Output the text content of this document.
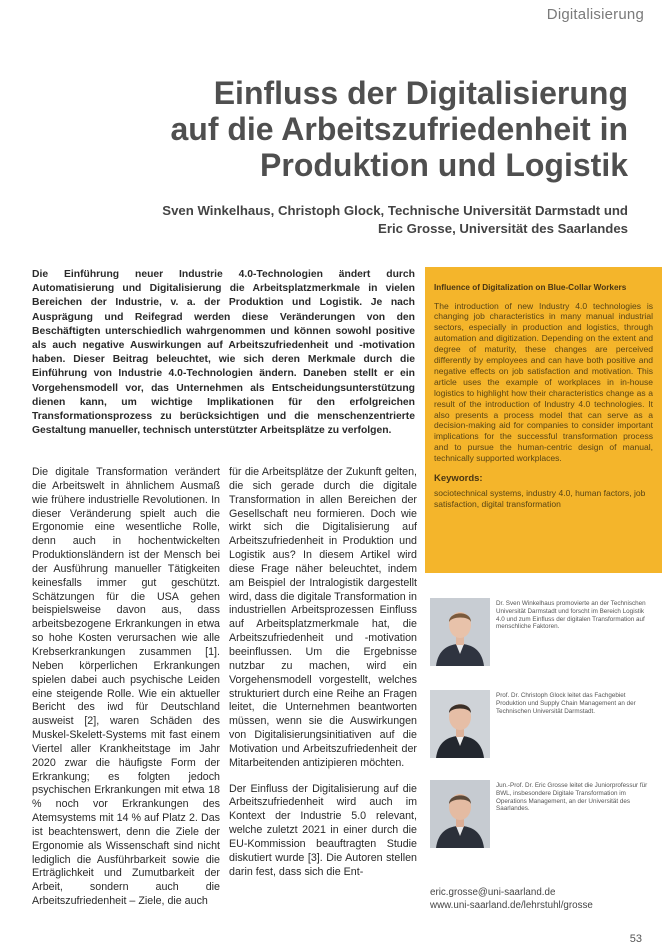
Digitalisierung
Einfluss der Digitalisierung
auf die Arbeitszufriedenheit in
Produktion und Logistik
Sven Winkelhaus, Christoph Glock, Technische Universität Darmstadt und
Eric Grosse, Universität des Saarlandes

Die Einführung neuer Industrie 4.0-Technologien ändert durch Automatisierung und Digitalisierung die Arbeitsplatzmerkmale in vielen Bereichen der Industrie, v. a. der Produktion und Logistik. Je nach Ausprägung und Reifegrad werden diese Veränderungen von den Beschäftigten unterschiedlich wahrgenommen und können sowohl positive als auch negative Auswirkungen auf Arbeitszufriedenheit und -motivation haben. Dieser Beitrag beleuchtet, wie sich deren Merkmale durch die Einführung von Industrie 4.0-Technologien ändern. Daneben stellt er ein Vorgehensmodell vor, das Unternehmen als Entscheidungsunterstützung dienen kann, um wichtige Implikationen für den erfolgreichen Transformationsprozess zu berücksichtigen und die menschenzentrierte Gestaltung manueller, technisch unterstützter Arbeitsplätze zu verfolgen.

Influence of Digitalization on Blue-Collar Workers

The introduction of new Industry 4.0 technologies is changing job characteristics in many manual industrial sectors, especially in production and logistics, through automation and digitization. Depending on the extent and degree of maturity, these changes are perceived differently by employees and can have both positive and negative effects on job satisfaction and motivation. This article uses the example of workplaces in in-house logistics to highlight how their characteristics change as a result of the introduction of Industry 4.0 technologies. It also presents a process model that can serve as a decision-making aid for companies to consider important implications for the successful transformation process and to pursue the human-centric design of manual, technically supported workplaces.

Keywords:
sociotechnical systems, industry 4.0, human factors, job satisfaction, digital transformation

Die digitale Transformation verändert die Arbeitswelt in ähnlichem Ausmaß wie frühere industrielle Revolutionen. In dieser Veränderung spielt auch die Ergonomie eine wesentliche Rolle, denn auch in hochentwickelten Produktionsländern ist der Mensch bei der Ausführung manueller Tätigkeiten keinesfalls immer gut geschützt. Schätzungen für die USA gehen beispielsweise davon aus, dass arbeitsbezogene Erkrankungen in etwa so hohe Kosten verursachen wie alle Krebserkrankungen zusammen [1]. Neben körperlichen Erkrankungen spielen dabei auch psychische Leiden eine steigende Rolle. Wie ein aktueller Bericht des iwd für Deutschland ausweist [2], waren Schäden des Muskel-Skelett-Systems mit fast einem Viertel aller Krankheitstage im Jahr 2020 zwar die häufigste Form der Erkrankung; es folgten jedoch psychischen Erkrankungen mit etwa 18 % noch vor Erkrankungen des Atemsystems mit 14 % auf Platz 2. Das ist beachtenswert, denn die Ziele der Ergonomie als Wissenschaft sind nicht lediglich die Ausführbarkeit sowie die Erträglichkeit und Zumutbarkeit der Arbeit, sondern auch die Arbeitszufriedenheit – Ziele, die auch

für die Arbeitsplätze der Zukunft gelten, die sich gerade durch die digitale Transformation in allen Bereichen der Gesellschaft neu formieren. Doch wie wirkt sich die Digitalisierung auf Arbeitszufriedenheit in Produktion und Logistik aus? In diesem Artikel wird diese Frage näher beleuchtet, indem am Beispiel der Intralogistik dargestellt wird, dass die digitale Transformation in industriellen Arbeitsprozessen Einfluss auf Arbeitsplatzmerkmale hat, die Arbeitszufriedenheit und -motivation beeinflussen. Um die Ergebnisse nutzbar zu machen, wird ein Vorgehensmodell vorgestellt, welches strukturiert durch eine Reihe an Fragen leitet, die Unternehmen beantworten müssen, wenn sie die Auswirkungen von Digitalisierungsinitiativen auf die Motivation und Arbeitszufriedenheit der Mitarbeitenden antizipieren möchten.

Der Einfluss der Digitalisierung auf die Arbeitszufriedenheit wird auch im Kontext der Industrie 5.0 relevant, welche zuletzt 2021 in einer durch die EU-Kommission beauftragten Studie diskutiert wurde [3]. Die Autoren stellen darin fest, dass sich die Ent-

Dr. Sven Winkelhaus promovierte an der Technischen Universität Darmstadt und forscht im Bereich Logistik 4.0 und zum Einfluss der digitalen Transformation auf menschliche Faktoren.
Prof. Dr. Christoph Glock leitet das Fachgebiet Produktion und Supply Chain Management an der Technischen Universität Darmstadt.
Jun.-Prof. Dr. Eric Grosse leitet die Juniorprofessur für BWL, insbesondere Digitale Transformation im Operations Management, an der Universität des Saarlandes.
eric.grosse@uni-saarland.de
www.uni-saarland.de/lehrstuhl/grosse
53
